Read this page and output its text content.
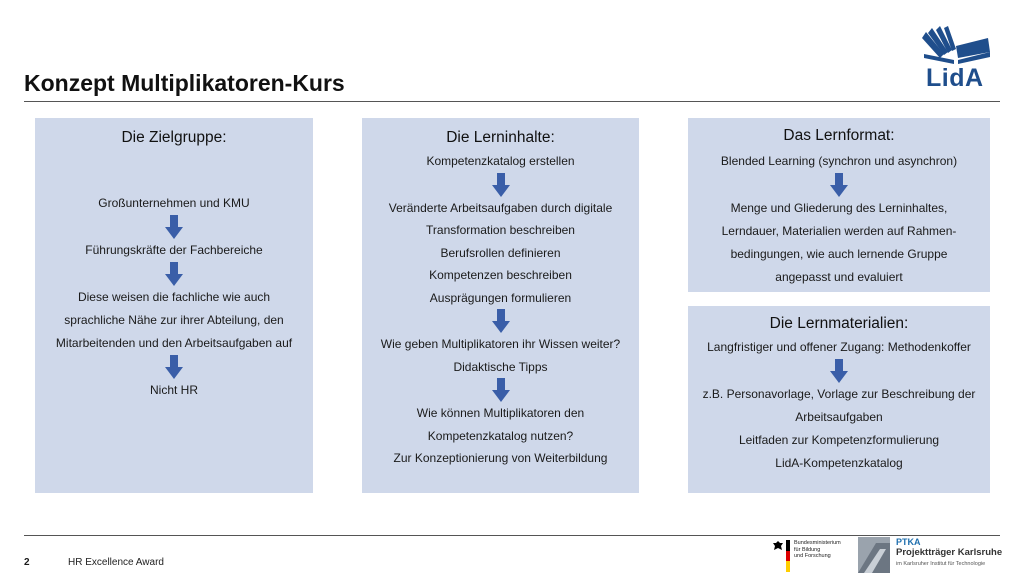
Konzept Multiplikatoren-Kurs	LidA

Die Zielgruppe:

Großunternehmen und KMU

Führungskräfte der Fachbereiche

Diese weisen die fachliche wie auch

sprachliche Nähe zur ihrer Abteilung, den

Mitarbeitenden und den Arbeitsaufgaben auf

Nicht HR

Die Lerninhalte:

Kompetenzkatalog erstellen

Veränderte Arbeitsaufgaben durch digitale

Transformation beschreiben

Berufsrollen definieren

Kompetenzen beschreiben

Ausprägungen formulieren

Wie geben Multiplikatoren ihr Wissen weiter?

Didaktische Tipps

Wie können Multiplikatoren den

Kompetenzkatalog nutzen?

Zur Konzeptionierung von Weiterbildung

Das Lernformat:

Blended Learning (synchron und asynchron)

Menge und Gliederung des Lerninhaltes,

Lerndauer, Materialien werden auf Rahmen-

bedingungen, wie auch lernende Gruppe

angepasst und evaluiert

Die Lernmaterialien:

Langfristiger und offener Zugang: Methodenkoffer

z.B. Personavorlage, Vorlage zur Beschreibung der

Arbeitsaufgaben

Leitfaden zur Kompetenzformulierung

LidA-Kompetenzkatalog

2	HR Excellence Award
Bundesministerium
für Bildung
und Forschung
PTKA
Projektträger Karlsruhe
im Karlsruher Institut für Technologie
